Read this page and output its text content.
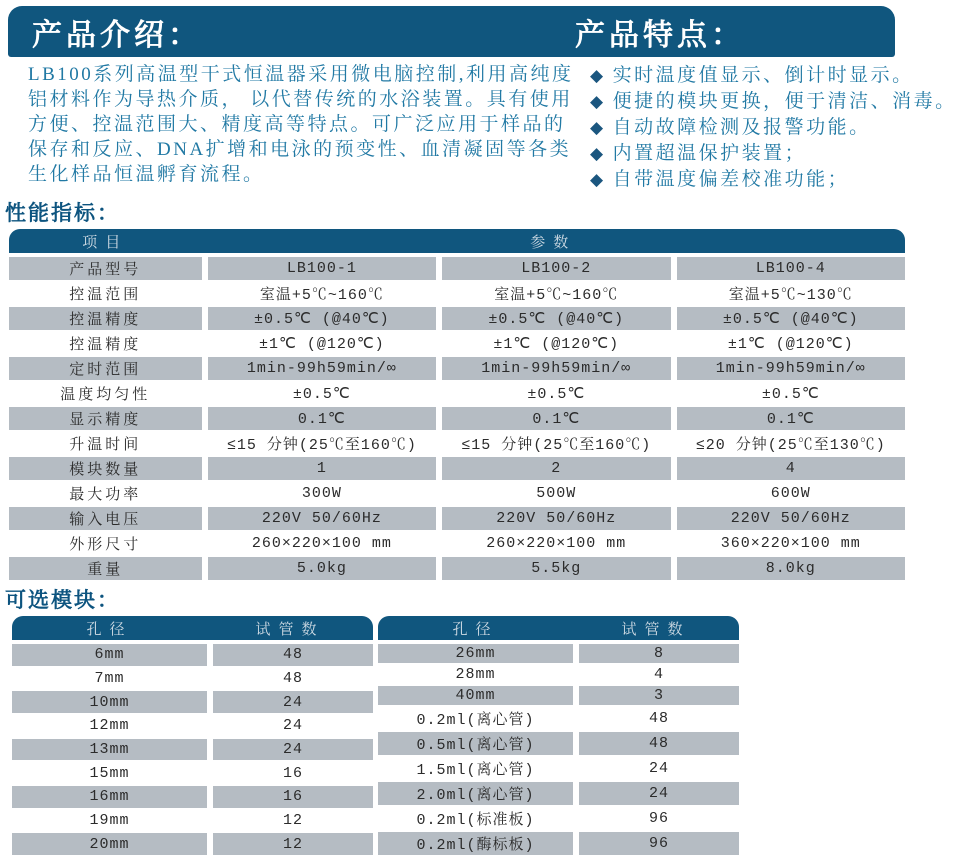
产品介绍：	产品特点：
LB100系列高温型干式恒温器采用微电脑控制,利用高纯度
铝材料作为导热介质， 以代替传统的水浴装置。具有使用
方便、控温范围大、精度高等特点。可广泛应用于样品的
保存和反应、DNA扩增和电泳的预变性、血清凝固等各类
生化样品恒温孵育流程。
◆ 实时温度值显示、倒计时显示。
◆ 便捷的模块更换，便于清洁、消毒。
◆ 自动故障检测及报警功能。
◆ 内置超温保护装置；
◆ 自带温度偏差校准功能；
性能指标：
项目	参数		
产品型号	LB100-1	LB100-2	LB100-4
控温范围	室温+5℃~160℃	室温+5℃~160℃	室温+5℃~130℃
控温精度	±0.5℃ (@40℃)	±0.5℃ (@40℃)	±0.5℃ (@40℃)
控温精度	±1℃ (@120℃)	±1℃ (@120℃)	±1℃ (@120℃)
定时范围	1min-99h59min/∞	1min-99h59min/∞	1min-99h59min/∞
温度均匀性	±0.5℃	±0.5℃	±0.5℃
显示精度	0.1℃	0.1℃	0.1℃
升温时间	≤15 分钟(25℃至160℃)	≤15 分钟(25℃至160℃)	≤20 分钟(25℃至130℃)
模块数量	1	2	4
最大功率	300W	500W	600W
输入电压	220V 50/60Hz	220V 50/60Hz	220V 50/60Hz
外形尺寸	260×220×100 mm	260×220×100 mm	360×220×100 mm
重量	5.0kg	5.5kg	8.0kg
可选模块：
孔径	试管数
6mm	48
7mm	48
10mm	24
12mm	24
13mm	24
15mm	16
16mm	16
19mm	12
20mm	12
孔径	试管数
26mm	8
28mm	4
40mm	3
0.2ml(离心管)	48
0.5ml(离心管)	48
1.5ml(离心管)	24
2.0ml(离心管)	24
0.2ml(标准板)	96
0.2ml(酶标板)	96
